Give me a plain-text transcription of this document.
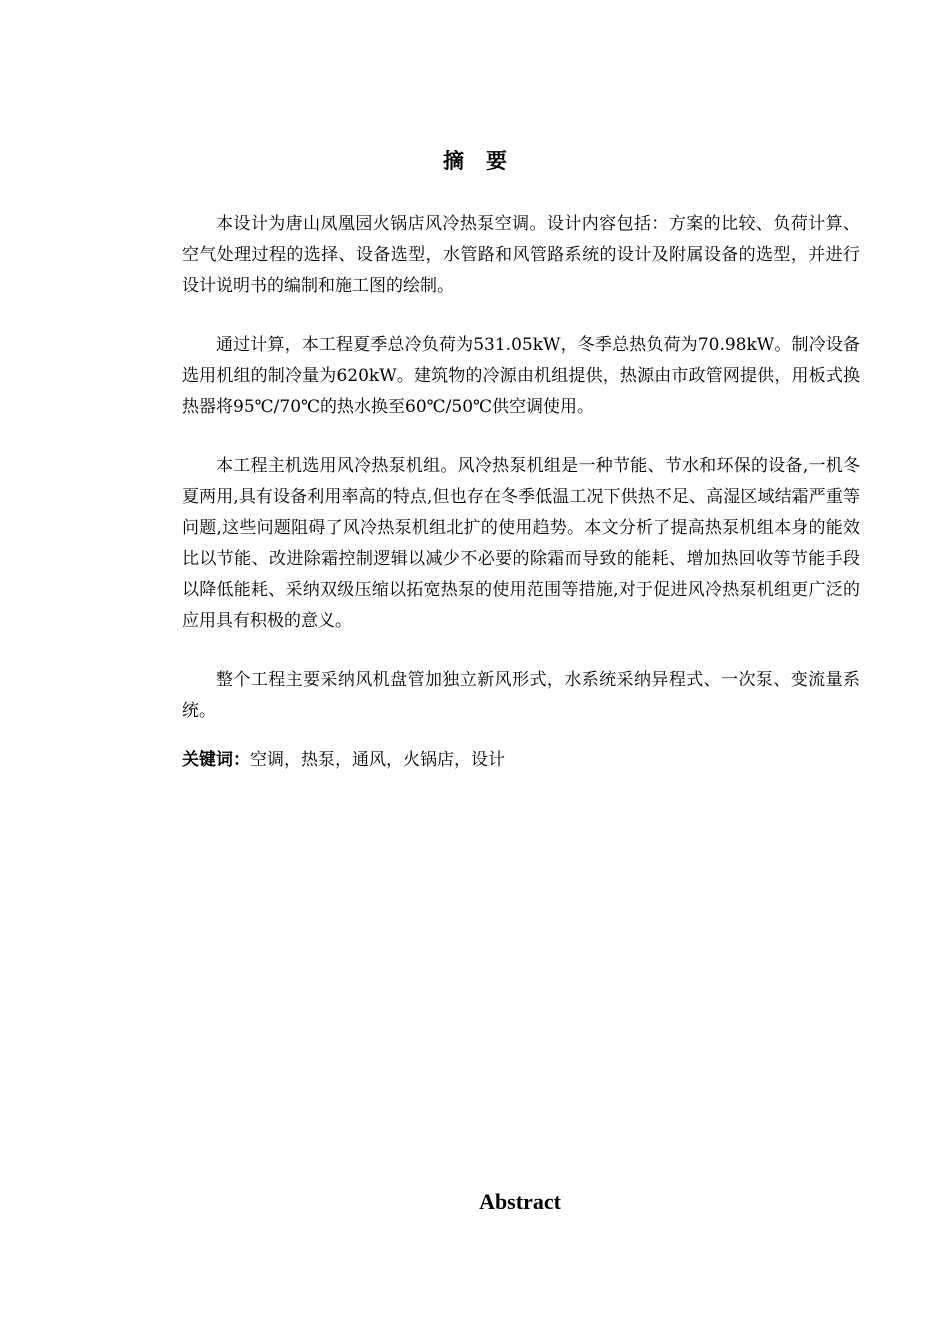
摘   要

本设计为唐山凤凰园火锅店风冷热泵空调。设计内容包括：方案的比较、负荷计算、空气处理过程的选择、设备选型，水管路和风管路系统的设计及附属设备的选型，并进行设计说明书的编制和施工图的绘制。

通过计算，本工程夏季总冷负荷为531.05kW，冬季总热负荷为70.98kW。制冷设备选用机组的制冷量为620kW。建筑物的冷源由机组提供，热源由市政管网提供，用板式换热器将95℃/70℃的热水换至60℃/50℃供空调使用。

本工程主机选用风冷热泵机组。风冷热泵机组是一种节能、节水和环保的设备,一机冬夏两用,具有设备利用率高的特点,但也存在冬季低温工况下供热不足、高湿区域结霜严重等问题,这些问题阻碍了风冷热泵机组北扩的使用趋势。本文分析了提高热泵机组本身的能效比以节能、改进除霜控制逻辑以减少不必要的除霜而导致的能耗、增加热回收等节能手段以降低能耗、采纳双级压缩以拓宽热泵的使用范围等措施,对于促进风冷热泵机组更广泛的应用具有积极的意义。

整个工程主要采纳风机盘管加独立新风形式，水系统采纳异程式、一次泵、变流量系统。

关键词：空调，热泵，通风，火锅店，设计

Abstract
